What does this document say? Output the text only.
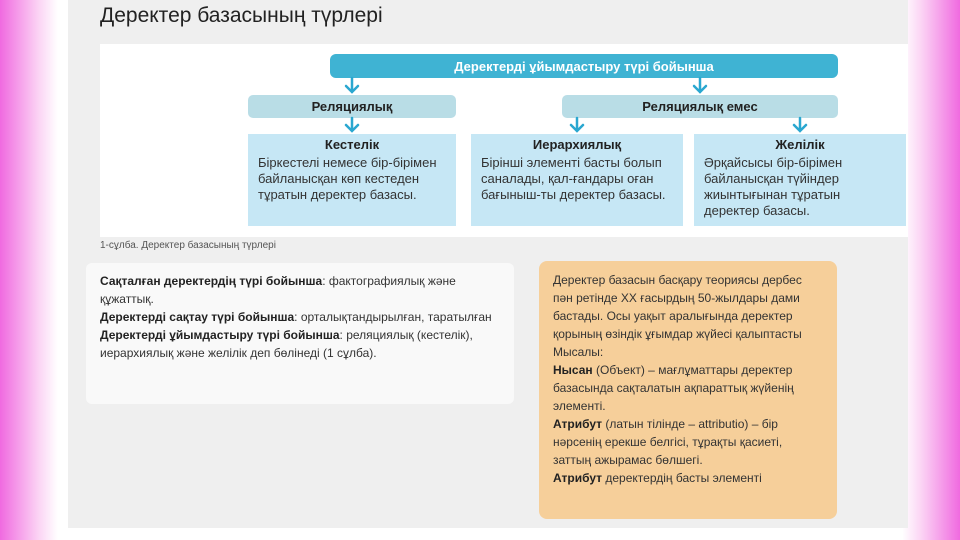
Деректер базасының түрлері
Деректерді ұйымдастыру түрі бойынша
Реляциялық	Реляциялық емес
Кестелік
Біркестелі немесе бір-бірімен байланысқан көп кестеден тұратын деректер базасы.
Иерархиялық
Бірінші элементі басты болып саналады, қал-ғандары оған бағыныш-ты деректер базасы.
Желілік
Әрқайсысы бір-бірімен байланысқан түйіндер жиынтығынан тұратын деректер базасы.
1-сұлба. Деректер базасының түрлері

Сақталған деректердің түрі бойынша: фактографиялық және құжаттық.

Деректерді сақтау түрі бойынша: орталықтандырылған, таратылған

Деректерді ұйымдастыру түрі бойынша: реляциялық (кестелік), иерархиялық және желілік деп бөлінеді (1 сұлба).

Деректер базасын басқару теориясы дербес пән ретінде XX ғасырдың 50-жылдары дами бастады. Осы уақыт аралығында деректер қорының өзіндік ұғымдар жүйесі қалыптасты Мысалы:

Нысан (Объект) – мағлұматтары деректер базасында сақталатын ақпараттық жүйенің элементі.

Атрибут (латын тілінде – attributio) – бір нәрсенің ерекше белгісі, тұрақты қасиеті, заттың ажырамас бөлшегі.

Атрибут деректердің басты элементі
